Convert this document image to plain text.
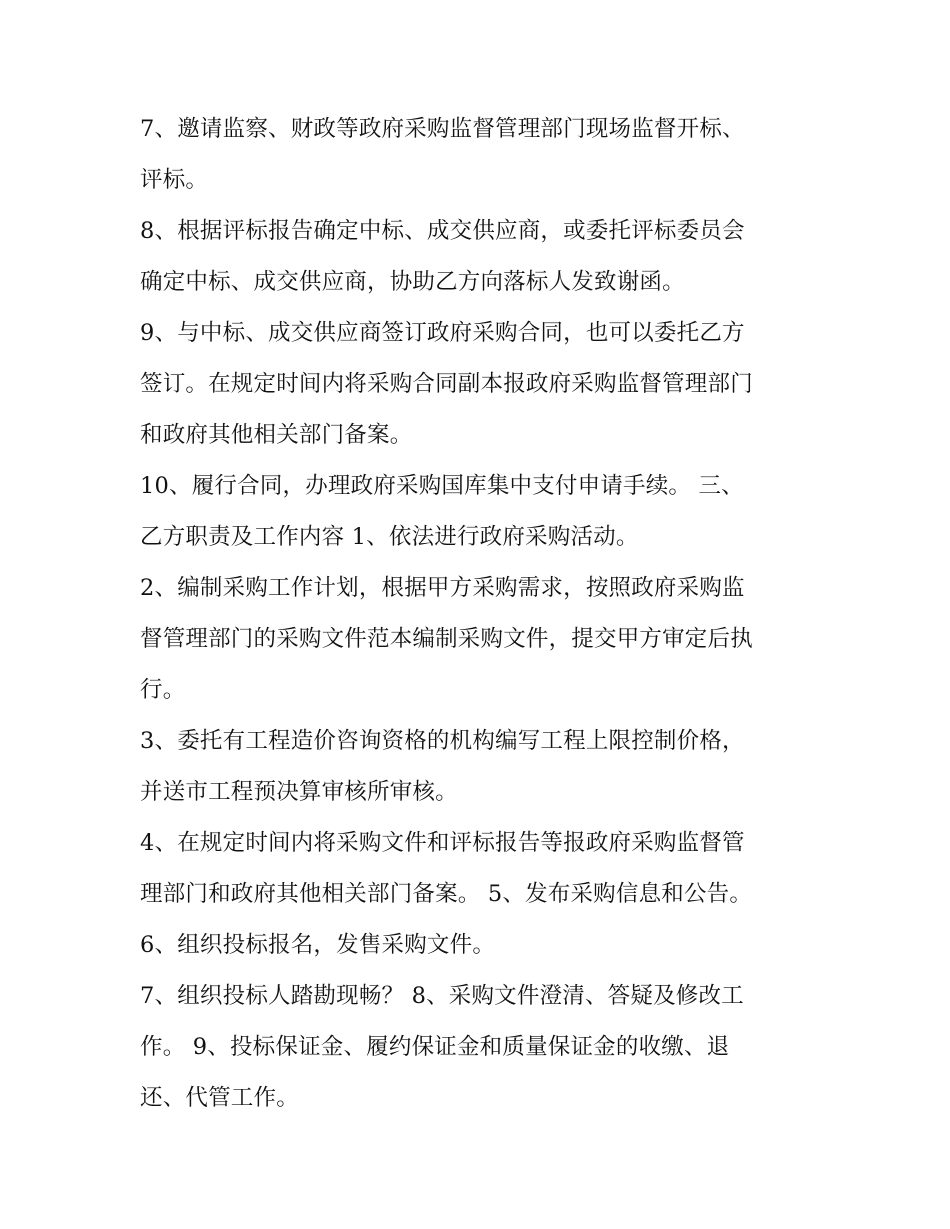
7、邀请监察、财政等政府采购监督管理部门现场监督开标、
评标。
8、根据评标报告确定中标、成交供应商，或委托评标委员会
确定中标、成交供应商，协助乙方向落标人发致谢函。
9、与中标、成交供应商签订政府采购合同，也可以委托乙方
签订。在规定时间内将采购合同副本报政府采购监督管理部门
和政府其他相关部门备案。
10、履行合同，办理政府采购国库集中支付申请手续。 三、
乙方职责及工作内容 1、依法进行政府采购活动。
2、编制采购工作计划，根据甲方采购需求，按照政府采购监
督管理部门的采购文件范本编制采购文件，提交甲方审定后执
行。
3、委托有工程造价咨询资格的机构编写工程上限控制价格，
并送市工程预决算审核所审核。
4、在规定时间内将采购文件和评标报告等报政府采购监督管
理部门和政府其他相关部门备案。 5、发布采购信息和公告。
6、组织投标报名，发售采购文件。
7、组织投标人踏勘现畅？ 8、采购文件澄清、答疑及修改工
作。 9、投标保证金、履约保证金和质量保证金的收缴、退
还、代管工作。
